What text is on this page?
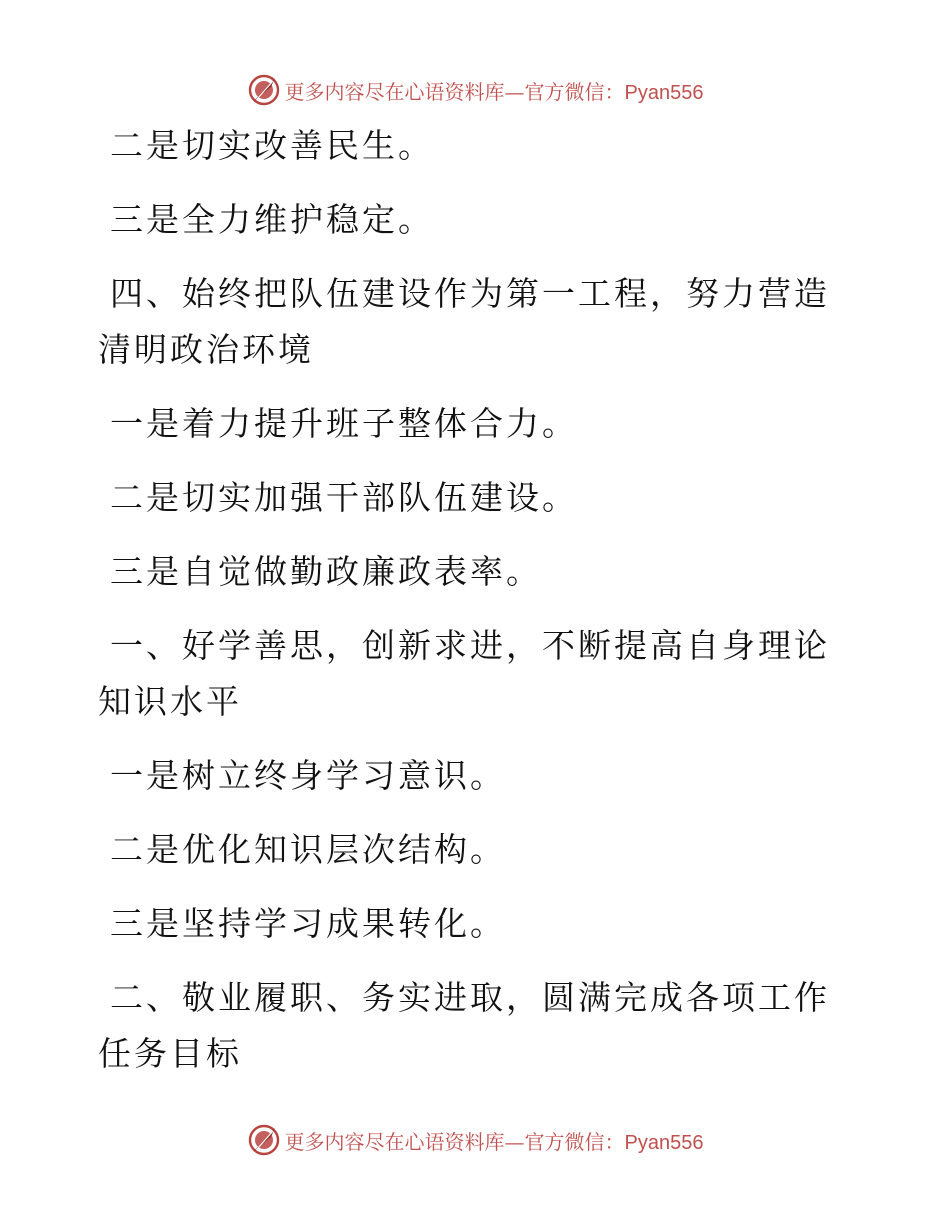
更多内容尽在心语资料库—官方微信：Pyan556

二是切实改善民生。

三是全力维护稳定。

四、始终把队伍建设作为第一工程，努力营造清明政治环境

一是着力提升班子整体合力。

二是切实加强干部队伍建设。

三是自觉做勤政廉政表率。

一、好学善思，创新求进，不断提高自身理论知识水平

一是树立终身学习意识。

二是优化知识层次结构。

三是坚持学习成果转化。

二、敬业履职、务实进取，圆满完成各项工作任务目标

更多内容尽在心语资料库—官方微信：Pyan556
